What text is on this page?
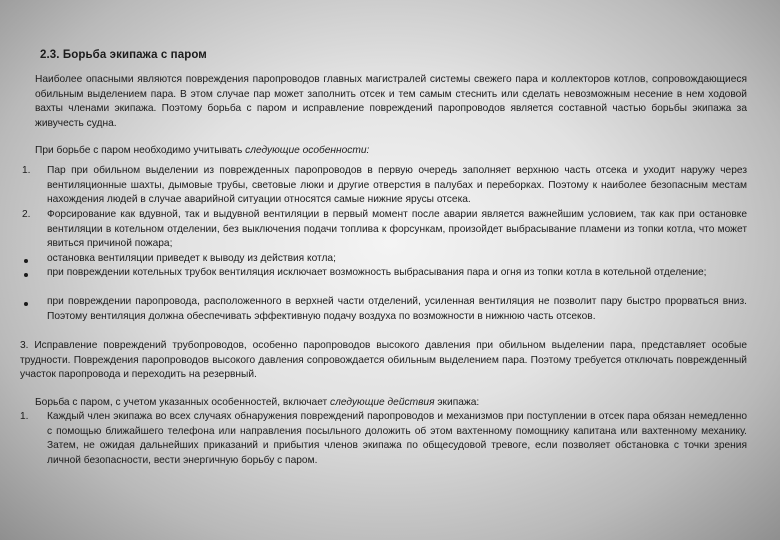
2.3. Борьба экипажа с паром

Наиболее опасными являются повреждения паропроводов главных магистралей системы свежего пара и коллекторов котлов, сопровождающиеся обильным выделением пара. В этом случае пар может заполнить отсек и тем самым стеснить или сделать невозможным несение в нем ходовой вахты членами экипажа. Поэтому борьба с паром и исправление повреждений паропроводов является составной частью борьбы экипажа за живучесть судна.

При борьбе с паром необходимо учитывать следующие особенности:

1. Пар при обильном выделении из поврежденных паропроводов в первую очередь заполняет верхнюю часть отсека и уходит наружу через вентиляционные шахты, дымовые трубы, световые люки и другие отверстия в палубах и переборках. Поэтому к наиболее безопасным местам нахождения людей в случае аварийной ситуации относятся самые нижние ярусы отсека.

2. Форсирование как вдувной, так и выдувной вентиляции в первый момент после аварии является важнейшим условием, так как при остановке вентиляции в котельном отделении, без выключения подачи топлива к форсункам, произойдет выбрасывание пламени из топки котла, что может явиться причиной пожара;

остановка вентиляции приведет к выводу из действия котла;

при повреждении котельных трубок вентиляция исключает возможность выбрасывания пара и огня из топки котла в котельной отделение;

при повреждении паропровода, расположенного в верхней части отделений, усиленная вентиляция не позволит пару быстро прорваться вниз. Поэтому вентиляция должна обеспечивать эффективную подачу воздуха по возможности в нижнюю часть отсеков.

3. Исправление повреждений трубопроводов, особенно паропроводов высокого давления при обильном выделении пара, представляет особые трудности. Повреждения паропроводов высокого давления сопровождается обильным выделением пара. Поэтому требуется отключать поврежденный участок паропровода и переходить на резервный.

Борьба с паром, с учетом указанных особенностей, включает следующие действия экипажа:

1. Каждый член экипажа во всех случаях обнаружения повреждений паропроводов и механизмов при поступлении в отсек пара обязан немедленно с помощью ближайшего телефона или направления посыльного доложить об этом вахтенному помощнику капитана или вахтенному механику. Затем, не ожидая дальнейших приказаний и прибытия членов экипажа по общесудовой тревоге, если позволяет обстановка с точки зрения личной безопасности, вести энергичную борьбу с паром.
